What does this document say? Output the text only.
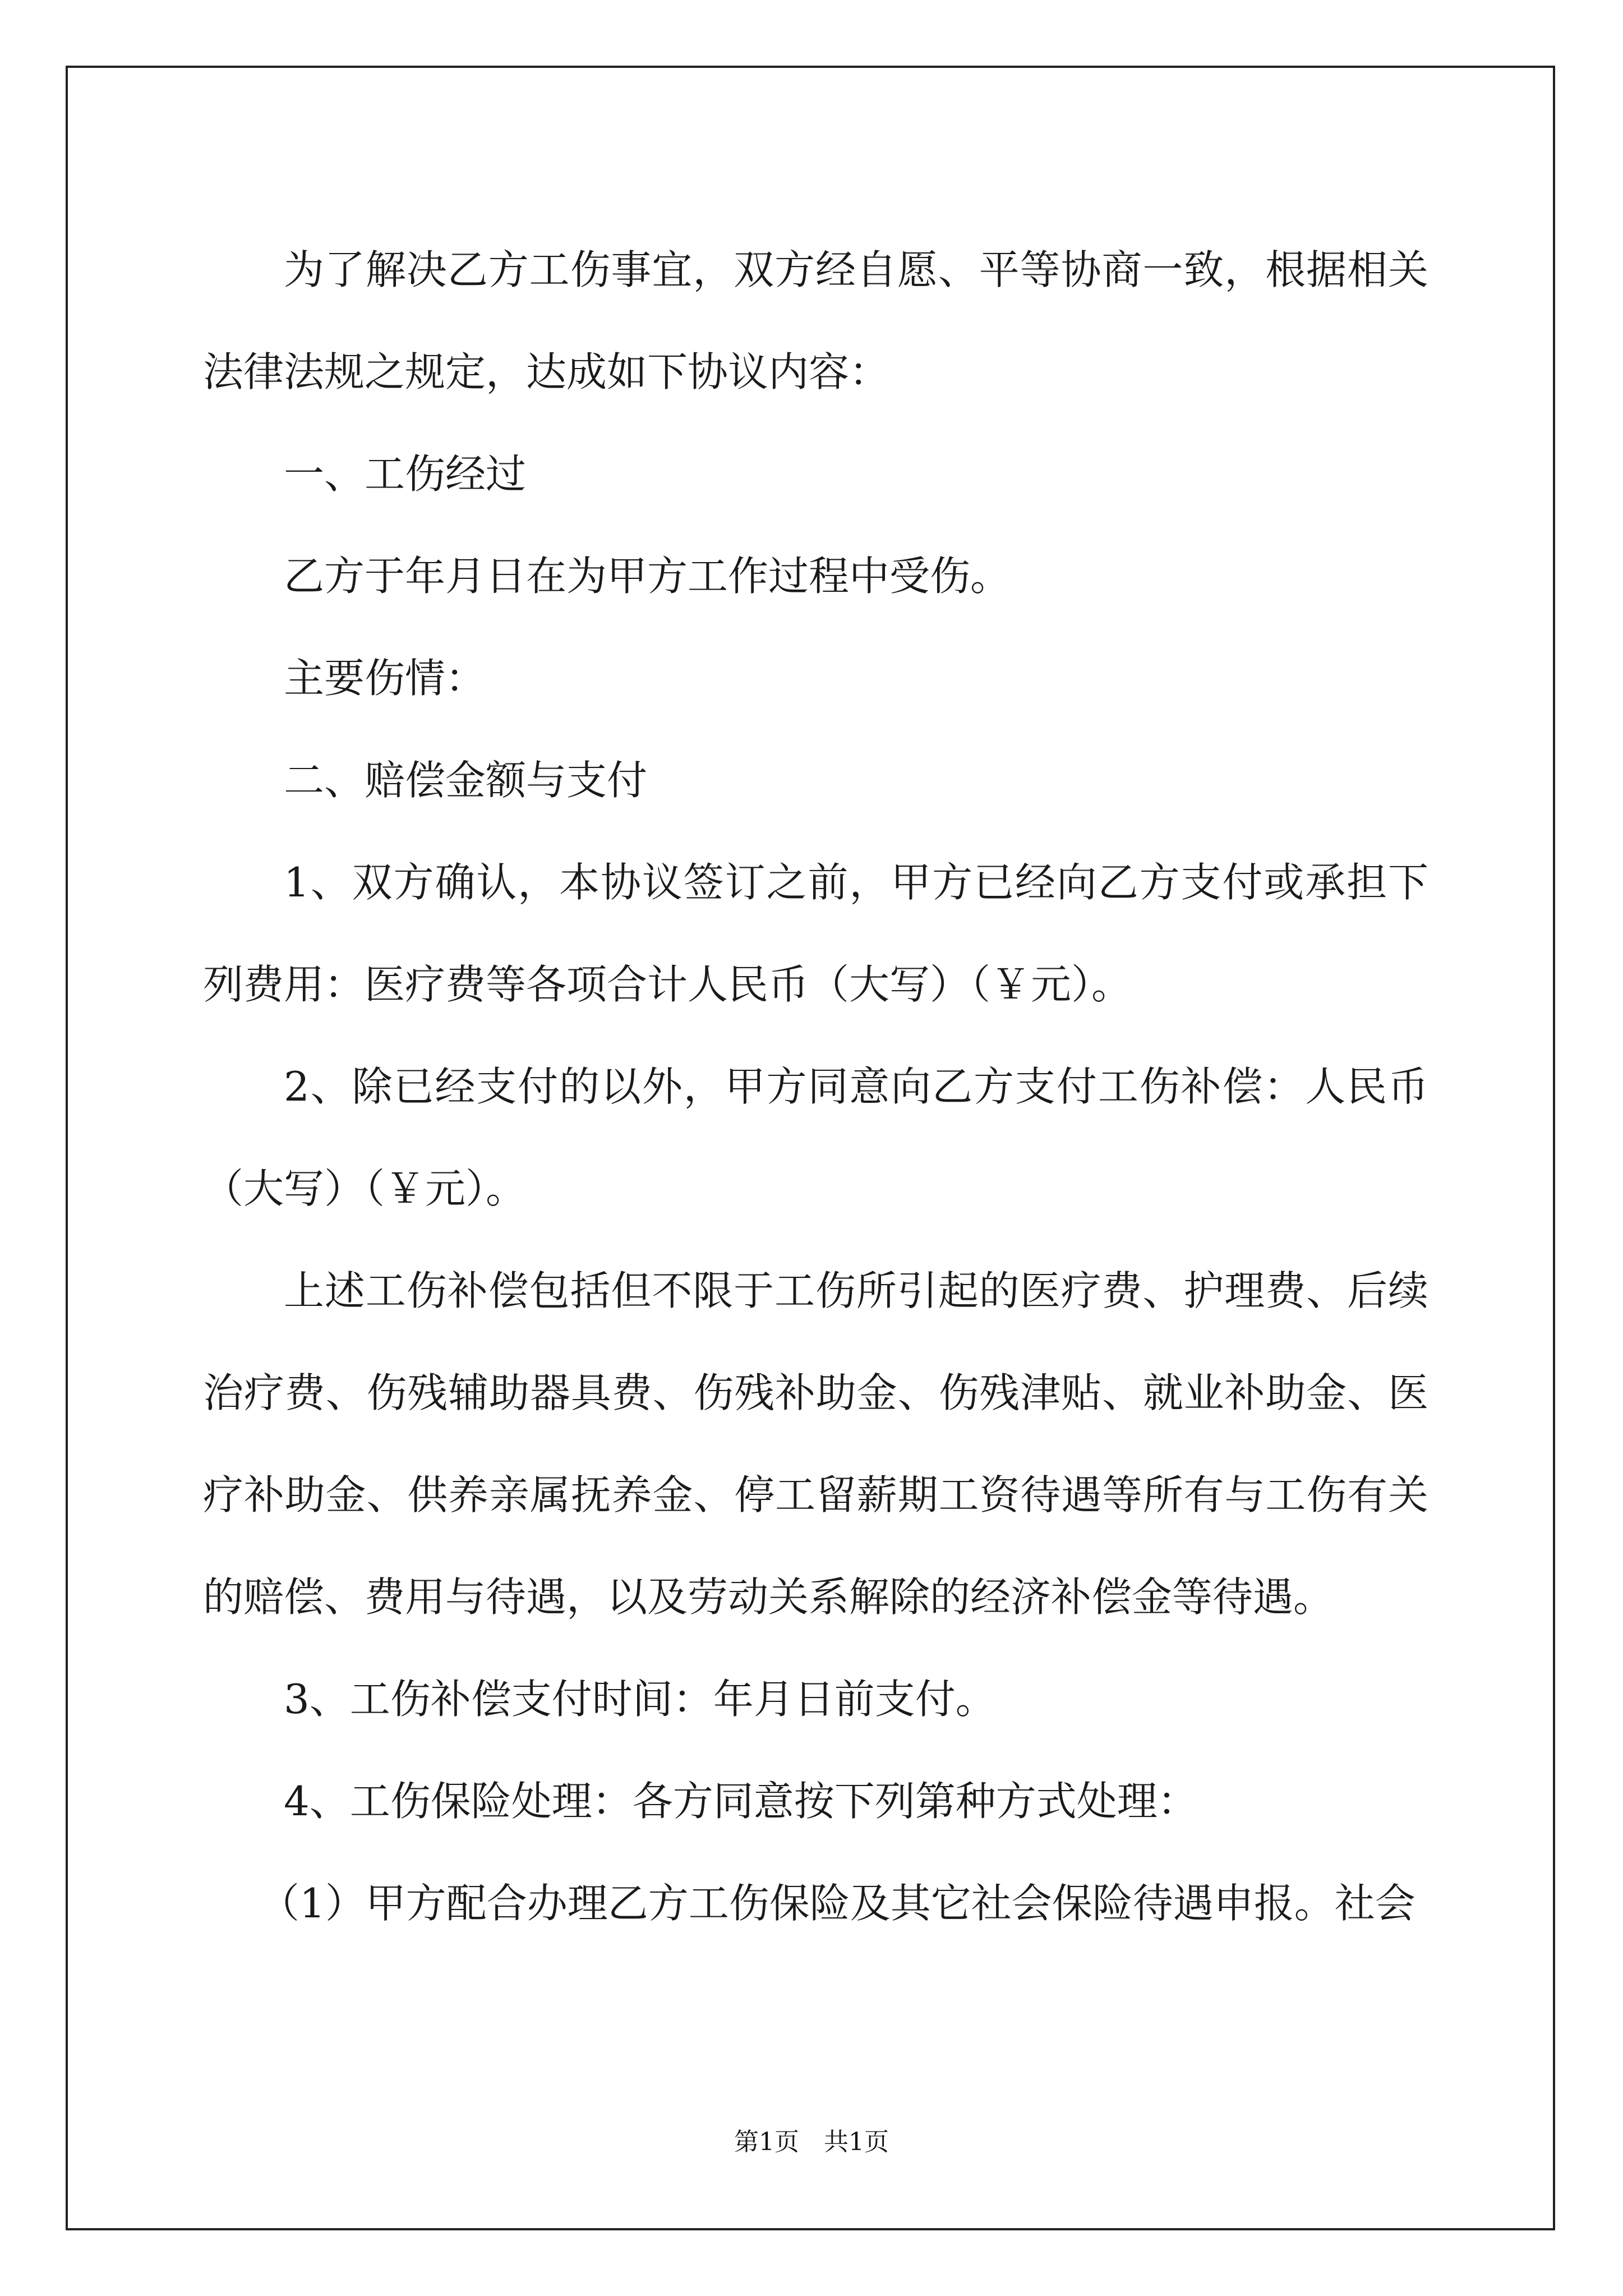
为了解决乙方工伤事宜，双方经自愿、平等协商一致，根据相关法律法规之规定，达成如下协议内容：

一、工伤经过

乙方于年月日在为甲方工作过程中受伤。

主要伤情：

二、赔偿金额与支付

1、双方确认，本协议签订之前，甲方已经向乙方支付或承担下列费用：医疗费等各项合计人民币（大写）（￥元）。

2、除已经支付的以外，甲方同意向乙方支付工伤补偿：人民币（大写）（￥元）。

上述工伤补偿包括但不限于工伤所引起的医疗费、护理费、后续治疗费、伤残辅助器具费、伤残补助金、伤残津贴、就业补助金、医疗补助金、供养亲属抚养金、停工留薪期工资待遇等所有与工伤有关的赔偿、费用与待遇，以及劳动关系解除的经济补偿金等待遇。

3、工伤补偿支付时间：年月日前支付。

4、工伤保险处理：各方同意按下列第种方式处理：

（1）甲方配合办理乙方工伤保险及其它社会保险待遇申报。社会

第1页 共1页
